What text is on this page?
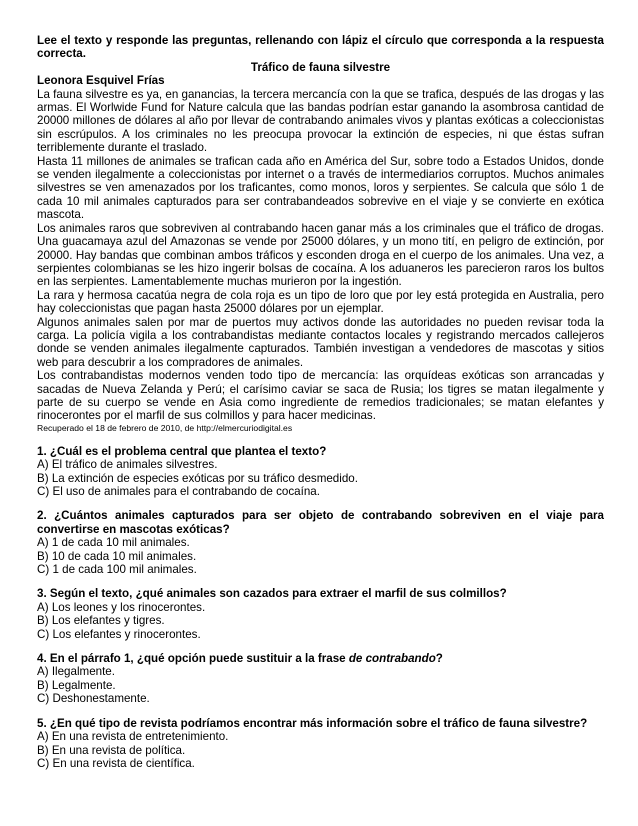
Lee el texto y responde las preguntas, rellenando con lápiz el círculo que corresponda a la respuesta correcta.

Tráfico de fauna silvestre

Leonora Esquivel Frías

La fauna silvestre es ya, en ganancias, la tercera mercancía con la que se trafica, después de las drogas y las armas. El Worlwide Fund for Nature calcula que las bandas podrían estar ganando la asombrosa cantidad de 20000 millones de dólares al año por llevar de contrabando animales vivos y plantas exóticas a coleccionistas sin escrúpulos. A los criminales no les preocupa provocar la extinción de especies, ni que éstas sufran terriblemente durante el traslado.

Hasta 11 millones de animales se trafican cada año en América del Sur, sobre todo a Estados Unidos, donde se venden ilegalmente a coleccionistas por internet o a través de intermediarios corruptos. Muchos animales silvestres se ven amenazados por los traficantes, como monos, loros y serpientes. Se calcula que sólo 1 de cada 10 mil animales capturados para ser contrabandeados sobrevive en el viaje y se convierte en exótica mascota.

Los animales raros que sobreviven al contrabando hacen ganar más a los criminales que el tráfico de drogas. Una guacamaya azul del Amazonas se vende por 25000 dólares, y un mono tití, en peligro de extinción, por 20000. Hay bandas que combinan ambos tráficos y esconden droga en el cuerpo de los animales. Una vez, a serpientes colombianas se les hizo ingerir bolsas de cocaína. A los aduaneros les parecieron raros los bultos en las serpientes. Lamentablemente muchas murieron por la ingestión.

La rara y hermosa cacatúa negra de cola roja es un tipo de loro que por ley está protegida en Australia, pero hay coleccionistas que pagan hasta 25000 dólares por un ejemplar.

Algunos animales salen por mar de puertos muy activos donde las autoridades no pueden revisar toda la carga. La policía vigila a los contrabandistas mediante contactos locales y registrando mercados callejeros donde se venden animales ilegalmente capturados. También investigan a vendedores de mascotas y sitios web para descubrir a los compradores de animales.

Los contrabandistas modernos venden todo tipo de mercancía: las orquídeas exóticas son arrancadas y sacadas de Nueva Zelanda y Perú; el carísimo caviar se saca de Rusia; los tigres se matan ilegalmente y parte de su cuerpo se vende en Asia como ingrediente de remedios tradicionales; se matan elefantes y rinocerontes por el marfil de sus colmillos y para hacer medicinas.

Recuperado el 18 de febrero de 2010, de http://elmercuriodigital.es

1. ¿Cuál es el problema central que plantea el texto?

A) El tráfico de animales silvestres.

B) La extinción de especies exóticas por su tráfico desmedido.

C) El uso de animales para el contrabando de cocaína.

2. ¿Cuántos animales capturados para ser objeto de contrabando sobreviven en el viaje para convertirse en mascotas exóticas?

A) 1 de cada 10 mil animales.

B) 10 de cada 10 mil animales.

C) 1 de cada 100 mil animales.

3. Según el texto, ¿qué animales son cazados para extraer el marfil de sus colmillos?

A) Los leones y los rinocerontes.

B) Los elefantes y tigres.

C) Los elefantes y rinocerontes.

4. En el párrafo 1, ¿qué opción puede sustituir a la frase de contrabando?

A) Ilegalmente.

B) Legalmente.

C) Deshonestamente.

5. ¿En qué tipo de revista podríamos encontrar más información sobre el tráfico de fauna silvestre?

A) En una revista de entretenimiento.

B) En una revista de política.

C) En una revista de científica.
